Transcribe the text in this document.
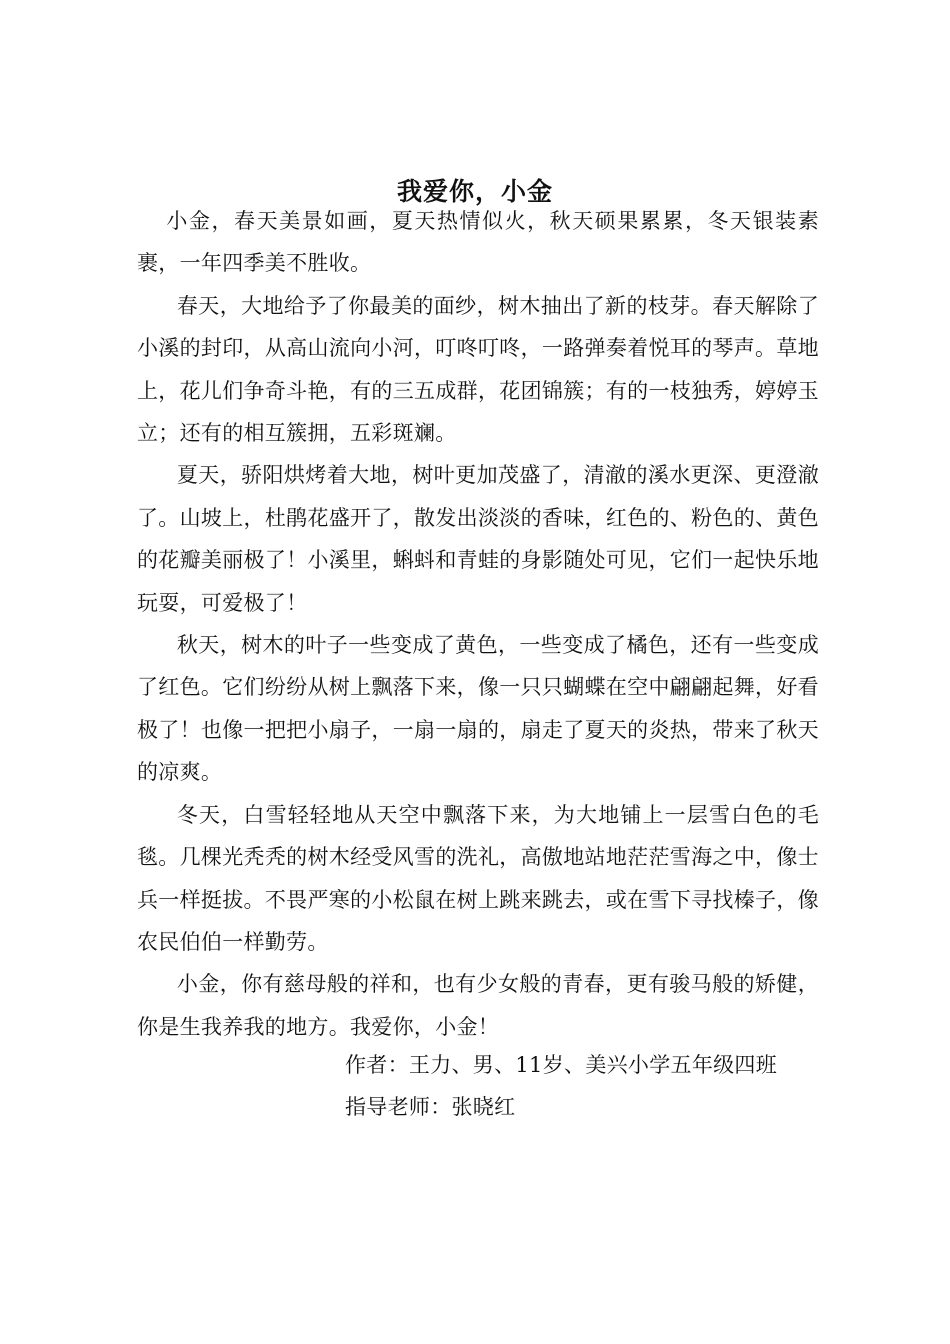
我爱你，小金

小金，春天美景如画，夏天热情似火，秋天硕果累累，冬天银装素裹，一年四季美不胜收。

春天，大地给予了你最美的面纱，树木抽出了新的枝芽。春天解除了小溪的封印，从高山流向小河，叮咚叮咚，一路弹奏着悦耳的琴声。草地上，花儿们争奇斗艳，有的三五成群，花团锦簇；有的一枝独秀，婷婷玉立；还有的相互簇拥，五彩斑斓。

夏天，骄阳烘烤着大地，树叶更加茂盛了，清澈的溪水更深、更澄澈了。山坡上，杜鹃花盛开了，散发出淡淡的香味，红色的、粉色的、黄色的花瓣美丽极了！小溪里，蝌蚪和青蛙的身影随处可见，它们一起快乐地玩耍，可爱极了！

秋天，树木的叶子一些变成了黄色，一些变成了橘色，还有一些变成了红色。它们纷纷从树上飘落下来，像一只只蝴蝶在空中翩翩起舞，好看极了！也像一把把小扇子，一扇一扇的，扇走了夏天的炎热，带来了秋天的凉爽。

冬天，白雪轻轻地从天空中飘落下来，为大地铺上一层雪白色的毛毯。几棵光秃秃的树木经受风雪的洗礼，高傲地站地茫茫雪海之中，像士兵一样挺拔。不畏严寒的小松鼠在树上跳来跳去，或在雪下寻找榛子，像农民伯伯一样勤劳。

小金，你有慈母般的祥和，也有少女般的青春，更有骏马般的矫健，你是生我养我的地方。我爱你，小金！

作者：王力、男、11岁、美兴小学五年级四班
指导老师：张晓红
